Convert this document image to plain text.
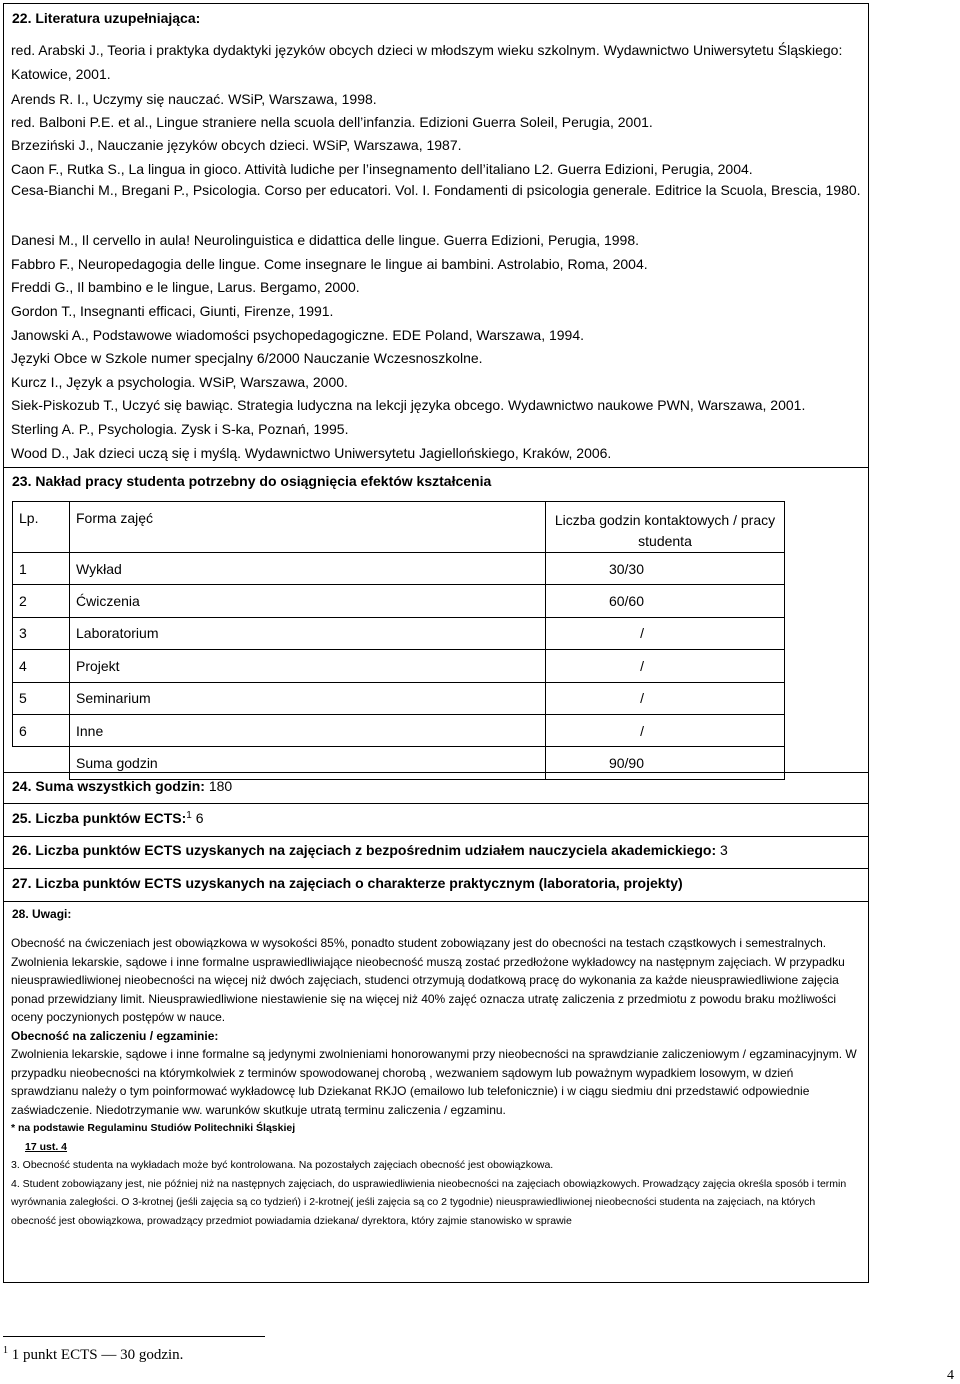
22. Literatura uzupełniająca:
red. Arabski J., Teoria i praktyka dydaktyki języków obcych dzieci w młodszym wieku szkolnym. Wydawnictwo Uniwersytetu Śląskiego: Katowice, 2001.
Arends R. I., Uczymy się nauczać. WSiP, Warszawa, 1998.
red. Balboni P.E. et al., Lingue straniere nella scuola dell’infanzia. Edizioni Guerra Soleil, Perugia, 2001.
Brzeziński J., Nauczanie języków obcych dzieci. WSiP, Warszawa, 1987.
Caon F., Rutka S., La lingua in gioco. Attività ludiche per l’insegnamento dell’italiano L2. Guerra Edizioni, Perugia, 2004.
Cesa-Bianchi M., Bregani P., Psicologia. Corso per educatori. Vol. I. Fondamenti di psicologia generale. Editrice la Scuola, Brescia, 1980.
Danesi M., Il cervello in aula! Neurolinguistica e didattica delle lingue. Guerra Edizioni, Perugia, 1998.
Fabbro F., Neuropedagogia delle lingue. Come insegnare le lingue ai bambini. Astrolabio, Roma, 2004.
Freddi G., Il bambino e le lingue, Larus. Bergamo, 2000.
Gordon T., Insegnanti efficaci, Giunti, Firenze, 1991.
Janowski A., Podstawowe wiadomości psychopedagogiczne. EDE Poland, Warszawa, 1994.
Języki Obce w Szkole numer specjalny 6/2000 Nauczanie Wczesnoszkolne.
Kurcz I., Język a psychologia. WSiP, Warszawa, 2000.
Siek-Piskozub T., Uczyć się bawiąc. Strategia ludyczna na lekcji języka obcego. Wydawnictwo naukowe PWN, Warszawa, 2001.
Sterling A. P., Psychologia. Zysk i S-ka, Poznań, 1995.
Wood D., Jak dzieci uczą się i myślą. Wydawnictwo Uniwersytetu Jagiellońskiego, Kraków, 2006.
23. Nakład pracy studenta potrzebny do osiągnięcia efektów kształcenia
Lp.	Forma zajęć	Liczba godzin kontaktowych / pracy studenta
1	Wykład	30/30
2	Ćwiczenia	60/60
3	Laboratorium	/
4	Projekt	/
5	Seminarium	/
6	Inne	/
	Suma godzin	90/90
24. Suma wszystkich godzin: 180
25. Liczba punktów ECTS:$^1$ 6
26. Liczba punktów ECTS uzyskanych na zajęciach z bezpośrednim udziałem nauczyciela akademickiego: 3
27. Liczba punktów ECTS uzyskanych na zajęciach o charakterze praktycznym (laboratoria, projekty)
28. Uwagi:

Obecność na ćwiczeniach jest obowiązkowa w wysokości 85%, ponadto student zobowiązany jest do obecności na testach cząstkowych i semestralnych.

Zwolnienia lekarskie, sądowe i inne formalne usprawiedliwiające nieobecność muszą zostać przedłożone wykładowcy na następnym zajęciach. W przypadku nieusprawiedliwionej nieobecności na więcej niż dwóch zajęciach, studenci otrzymują dodatkową pracę do wykonania za każde nieusprawiedliwione zajęcia ponad przewidziany limit. Nieusprawiedliwione niestawienie się na więcej niż 40% zajęć oznacza utratę zaliczenia z przedmiotu z powodu braku możliwości oceny poczynionych postępów w nauce.

Obecność na zaliczeniu / egzaminie:

Zwolnienia lekarskie, sądowe i inne formalne są jedynymi zwolnieniami honorowanymi przy nieobecności na sprawdzianie zaliczeniowym / egzaminacyjnym. W przypadku nieobecności na którymkolwiek z terminów spowodowanej chorobą , wezwaniem sądowym lub poważnym wypadkiem losowym, w dzień sprawdzianu należy o tym poinformować wykładowcę lub Dziekanat RKJO (emailowo lub telefonicznie) i w ciągu siedmiu dni przedstawić odpowiednie zaświadczenie. Niedotrzymanie ww. warunków skutkuje utratą terminu zaliczenia / egzaminu.

* na podstawie Regulaminu Studiów Politechniki Śląskiej

17 ust. 4

3. Obecność studenta na wykładach może być kontrolowana. Na pozostałych zajęciach obecność jest obowiązkowa.

4. Student zobowiązany jest, nie później niż na następnych zajęciach, do usprawiedliwienia nieobecności na zajęciach obowiązkowych. Prowadzący zajęcia określa sposób i termin wyrównania zaległości. O 3-krotnej (jeśli zajęcia są co tydzień) i 2-krotnej( jeśli zajęcia są co 2 tygodnie) nieusprawiedliwionej nieobecności studenta na zajęciach, na których obecność jest obowiązkowa, prowadzący przedmiot powiadamia dziekana/ dyrektora, który zajmie stanowisko w sprawie

$^1$ 1 punkt ECTS — 30 godzin.
4
